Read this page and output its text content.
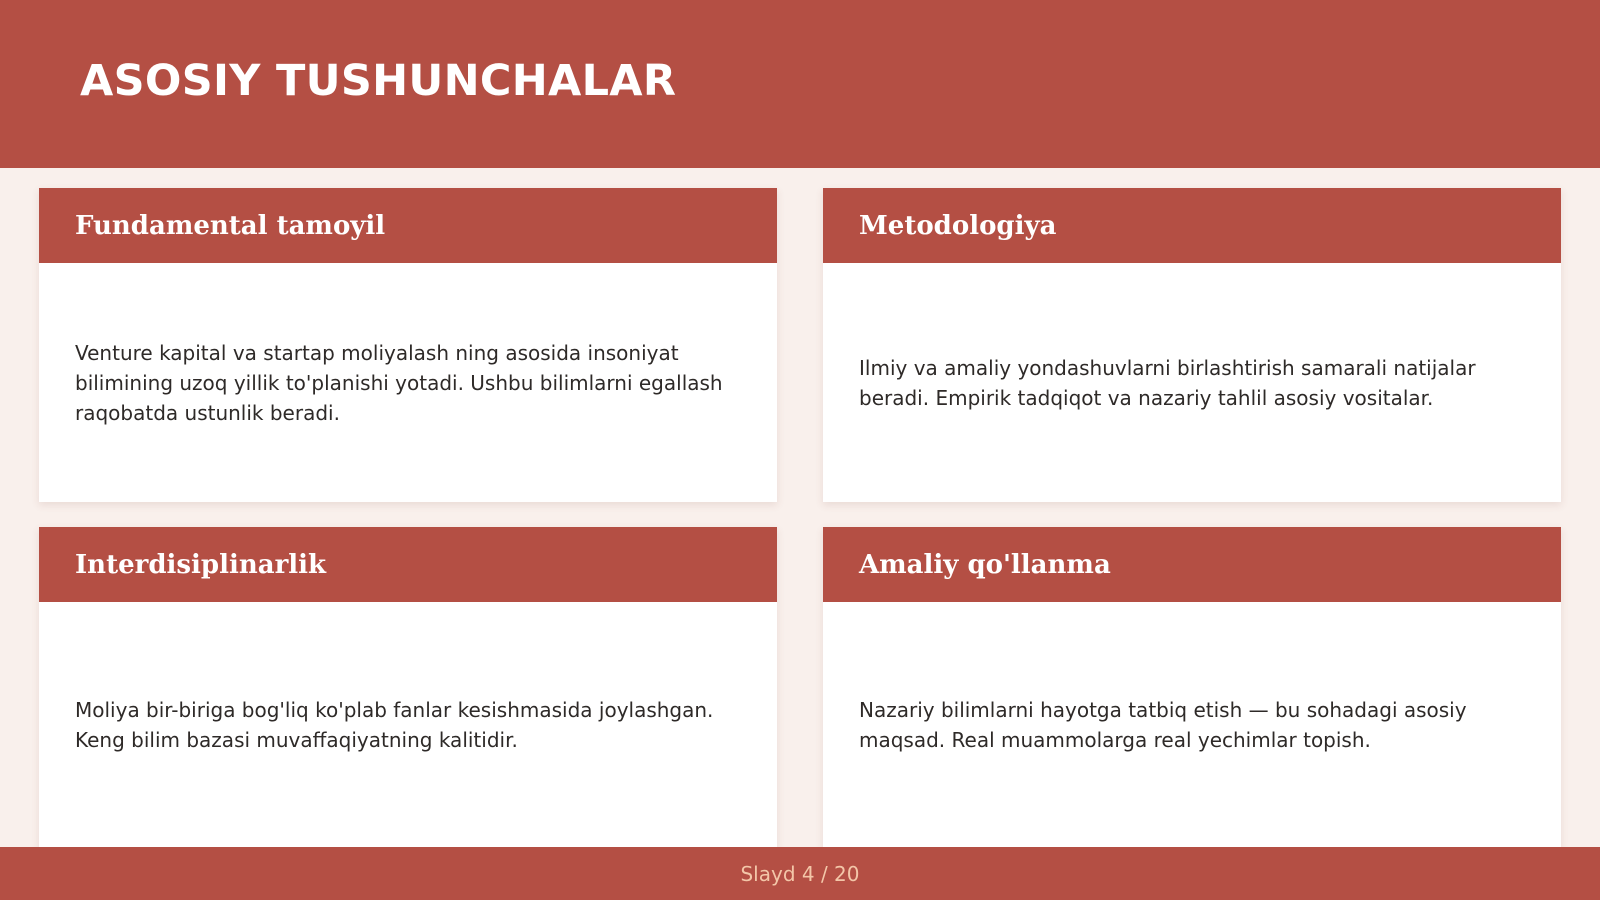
ASOSIY TUSHUNCHALAR
Fundamental tamoyil

Venture kapital va startap moliyalash ning asosida insoniyat bilimining uzoq yillik to'planishi yotadi. Ushbu bilimlarni egallash raqobatda ustunlik beradi.

Metodologiya

Ilmiy va amaliy yondashuvlarni birlashtirish samarali natijalar beradi. Empirik tadqiqot va nazariy tahlil asosiy vositalar.

Interdisiplinarlik

Moliya bir-biriga bog'liq ko'plab fanlar kesishmasida joylashgan. Keng bilim bazasi muvaffaqiyatning kalitidir.

Amaliy qo'llanma

Nazariy bilimlarni hayotga tatbiq etish — bu sohadagi asosiy maqsad. Real muammolarga real yechimlar topish.

Slayd 4 / 20
